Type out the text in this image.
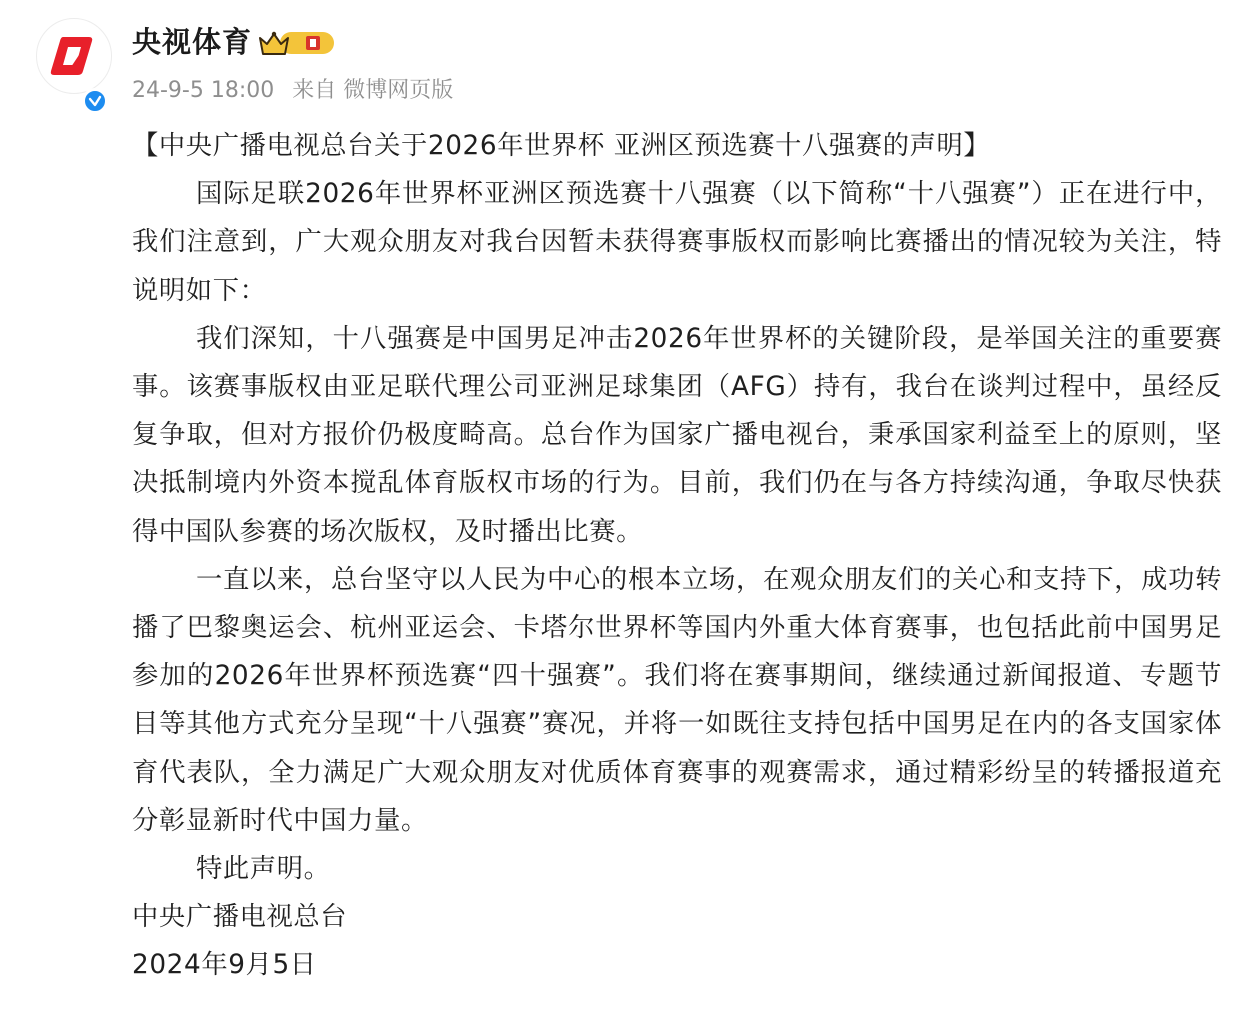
央视体育
24-9-5 18:00 来自 微博网页版

【中央广播电视总台关于2026年世界杯 亚洲区预选赛十八强赛的声明】

国际足联2026年世界杯亚洲区预选赛十八强赛（以下简称“十八强赛”）正在进行中，我们注意到，广大观众朋友对我台因暂未获得赛事版权而影响比赛播出的情况较为关注，特说明如下：

我们深知，十八强赛是中国男足冲击2026年世界杯的关键阶段，是举国关注的重要赛事。该赛事版权由亚足联代理公司亚洲足球集团（AFG）持有，我台在谈判过程中，虽经反复争取，但对方报价仍极度畸高。总台作为国家广播电视台，秉承国家利益至上的原则，坚决抵制境内外资本搅乱体育版权市场的行为。目前，我们仍在与各方持续沟通，争取尽快获得中国队参赛的场次版权，及时播出比赛。

一直以来，总台坚守以人民为中心的根本立场，在观众朋友们的关心和支持下，成功转播了巴黎奥运会、杭州亚运会、卡塔尔世界杯等国内外重大体育赛事，也包括此前中国男足参加的2026年世界杯预选赛“四十强赛”。我们将在赛事期间，继续通过新闻报道、专题节目等其他方式充分呈现“十八强赛”赛况，并将一如既往支持包括中国男足在内的各支国家体育代表队，全力满足广大观众朋友对优质体育赛事的观赛需求，通过精彩纷呈的转播报道充分彰显新时代中国力量。

特此声明。

中央广播电视总台

2024年9月5日
